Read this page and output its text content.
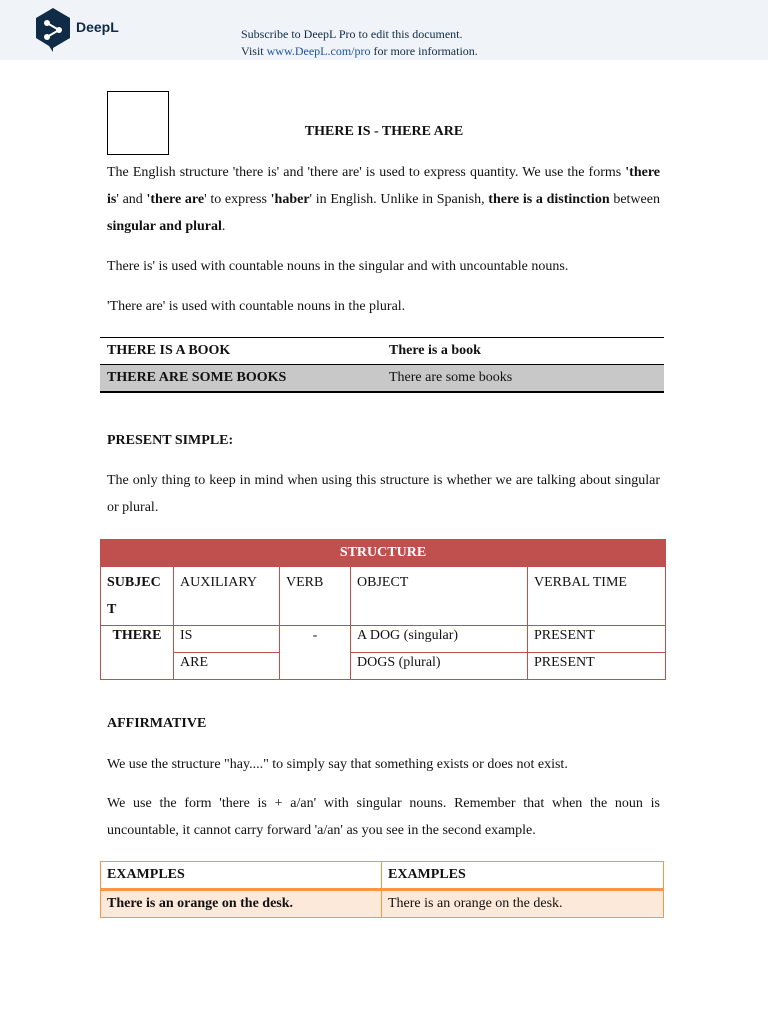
DeepL	Subscribe to DeepL Pro to edit this document.
Visit www.DeepL.com/pro for more information.
THERE IS - THERE ARE
The English structure 'there is' and 'there are' is used to express quantity. We use the forms 'there is' and 'there are' to express 'haber' in English. Unlike in Spanish, there is a distinction between singular and plural.
There is' is used with countable nouns in the singular and with uncountable nouns.
'There are' is used with countable nouns in the plural.
THERE IS A BOOK	There is a book
THERE ARE SOME BOOKS	There are some books
PRESENT SIMPLE:
The only thing to keep in mind when using this structure is whether we are talking about singular or plural.
STRUCTURE				
SUBJECT	AUXILIARY	VERB	OBJECT	VERBAL TIME
THERE	IS	-	A DOG (singular)	PRESENT
	ARE		DOGS (plural)	PRESENT
AFFIRMATIVE
We use the structure "hay...." to simply say that something exists or does not exist.
We use the form 'there is + a/an' with singular nouns. Remember that when the noun is uncountable, it cannot carry forward 'a/an' as you see in the second example.
EXAMPLES	EXAMPLES
There is an orange on the desk.	There is an orange on the desk.
